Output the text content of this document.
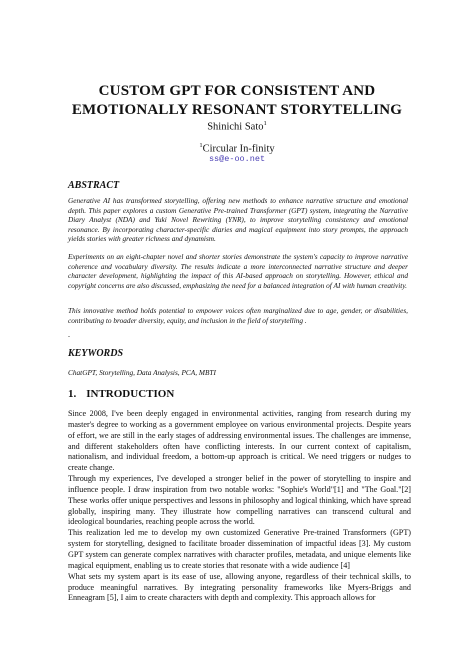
CUSTOM GPT FOR CONSISTENT AND
EMOTIONALLY RESONANT STORYTELLING
Shinichi Sato$^1$
$^1$Circular In-finity
ss@e-oo.net
ABSTRACT

Generative AI has transformed storytelling, offering new methods to enhance narrative structure and emotional depth. This paper explores a custom Generative Pre-trained Transformer (GPT) system, integrating the Narrative Diary Analyst (NDA) and Yuki Novel Rewriting (YNR), to improve storytelling consistency and emotional resonance. By incorporating character-specific diaries and magical equipment into story prompts, the approach yields stories with greater richness and dynamism.

Experiments on an eight-chapter novel and shorter stories demonstrate the system's capacity to improve narrative coherence and vocabulary diversity. The results indicate a more interconnected narrative structure and deeper character development, highlighting the impact of this AI-based approach on storytelling. However, ethical and copyright concerns are also discussed, emphasizing the need for a balanced integration of AI with human creativity.

This innovative method holds potential to empower voices often marginalized due to age, gender, or disabilities, contributing to broader diversity, equity, and inclusion in the field of storytelling .

.
KEYWORDS
ChatGPT, Storytelling, Data Analysis, PCA, MBTI
1. INTRODUCTION

Since 2008, I've been deeply engaged in environmental activities, ranging from research during my master's degree to working as a government employee on various environmental projects. Despite years of effort, we are still in the early stages of addressing environmental issues. The challenges are immense, and different stakeholders often have conflicting interests. In our current context of capitalism, nationalism, and individual freedom, a bottom-up approach is critical. We need triggers or nudges to create change.

Through my experiences, I've developed a stronger belief in the power of storytelling to inspire and influence people. I draw inspiration from two notable works: "Sophie's World"[1] and "The Goal."[2] These works offer unique perspectives and lessons in philosophy and logical thinking, which have spread globally, inspiring many. They illustrate how compelling narratives can transcend cultural and ideological boundaries, reaching people across the world.

This realization led me to develop my own customized Generative Pre-trained Transformers (GPT) system for storytelling, designed to facilitate broader dissemination of impactful ideas [3]. My custom GPT system can generate complex narratives with character profiles, metadata, and unique elements like magical equipment, enabling us to create stories that resonate with a wide audience [4]

What sets my system apart is its ease of use, allowing anyone, regardless of their technical skills, to produce meaningful narratives. By integrating personality frameworks like Myers-Briggs and Enneagram [5], I aim to create characters with depth and complexity. This approach allows for
